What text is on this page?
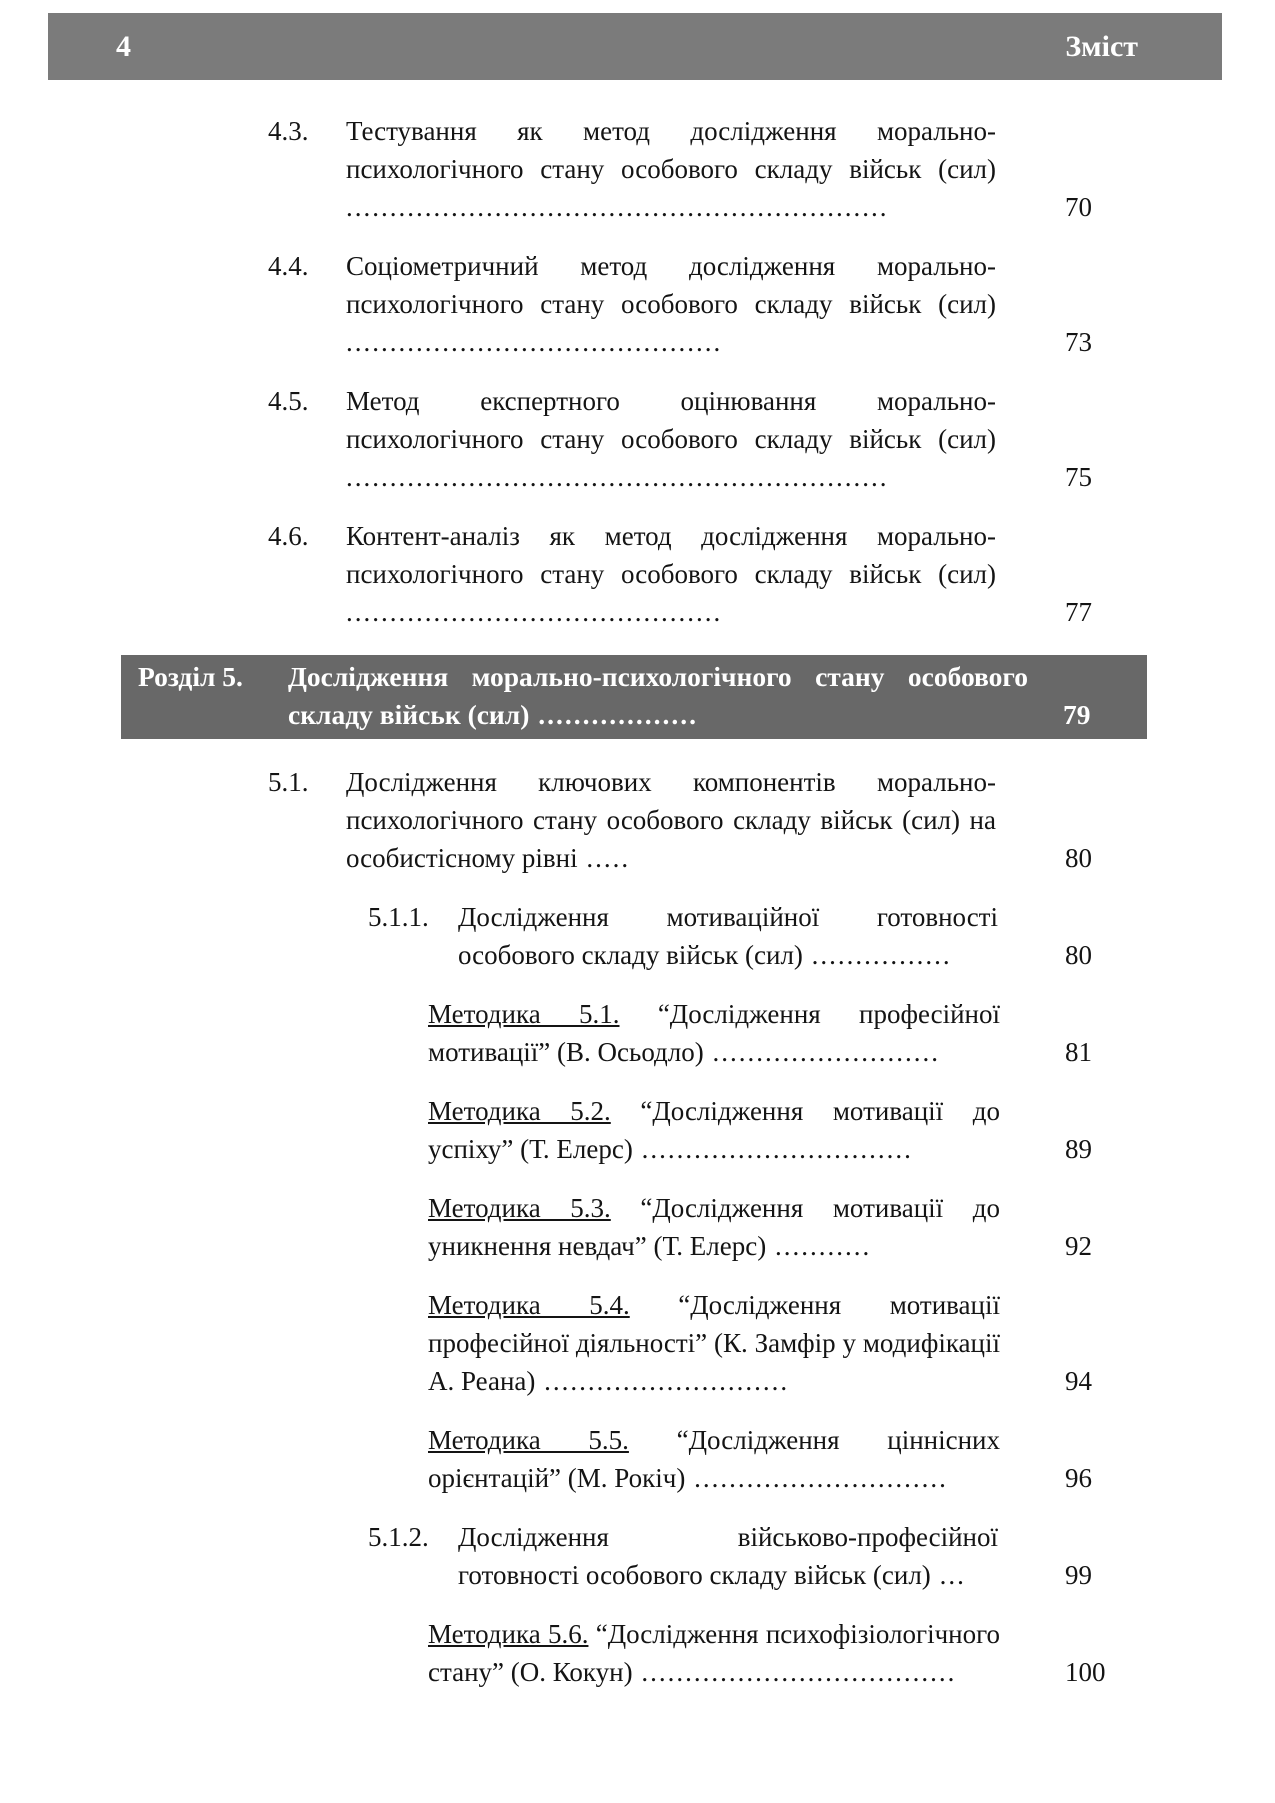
4	Зміст
4.3.	Тестування як метод дослідження морально-психологічного стану особового складу військ (сил) ..............................................................	70
4.4.	Соціометричний метод дослідження морально-психологічного стану особового складу військ (сил) ...........................................	73
4.5.	Метод експертного оцінювання морально-психологічного стану особового складу військ (сил) ..............................................................	75
4.6.	Контент-аналіз як метод дослідження морально-психологічного стану особового складу військ (сил) ...........................................	77
Розділ 5.	Дослідження морально-психологічного стану особового складу військ (сил) ..................	79
5.1.	Дослідження ключових компонентів морально-психологічного стану особового складу військ (сил) на особистісному рівні .....	80
5.1.1.	Дослідження мотиваційної готовності особового складу військ (сил) ................	80
Методика 5.1. “Дослідження професійної мотивації” (В. Осьодло) ..........................	81
Методика 5.2. “Дослідження мотивації до успіху” (Т. Елерс) ...............................	89
Методика 5.3. “Дослідження мотивації до уникнення невдач” (Т. Елерс) ...........	92
Методика 5.4. “Дослідження мотивації професійної діяльності” (К. Замфір у модифікації А. Реана) ............................	94
Методика 5.5. “Дослідження ціннісних орієнтацій” (М. Рокіч) .............................	96
5.1.2.	Дослідження військово-професійної готовності особового складу військ (сил) ...	99
Методика 5.6. “Дослідження психофізіологічного стану” (О. Кокун) ....................................	100
